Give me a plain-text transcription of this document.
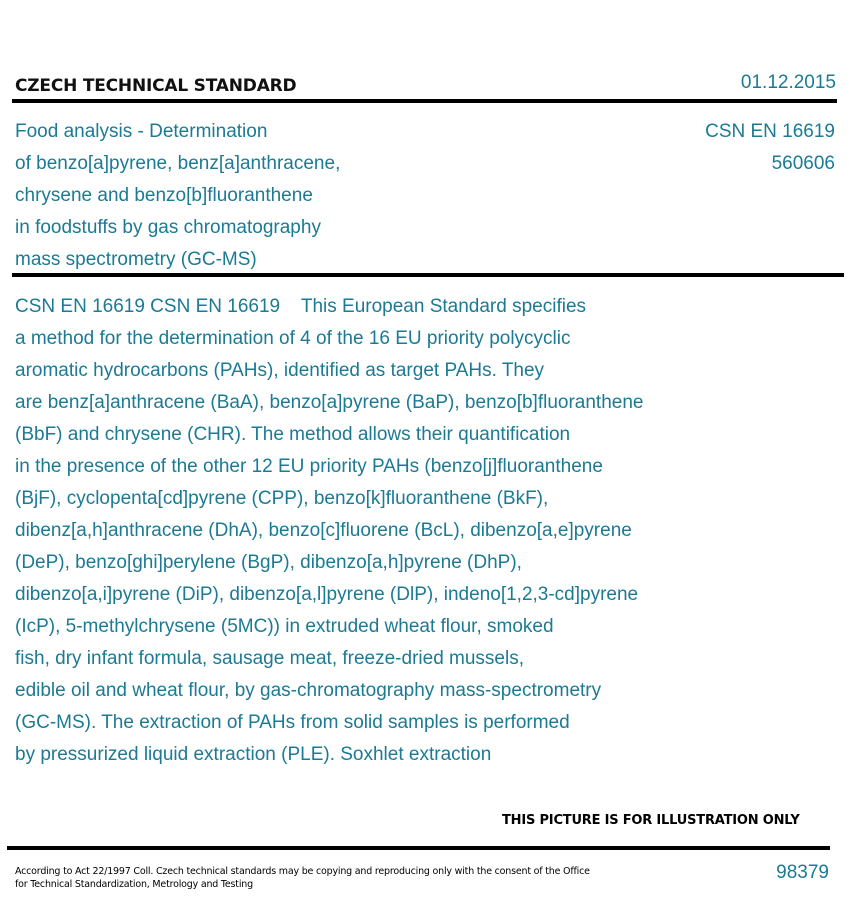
CZECH TECHNICAL STANDARD	01.12.2015
Food analysis - Determination
of benzo[a]pyrene, benz[a]anthracene,
chrysene and benzo[b]fluoranthene
in foodstuffs by gas chromatography
mass spectrometry (GC-MS)
CSN EN 16619
560606
CSN EN 16619 CSN EN 16619    This European Standard specifies
a method for the determination of 4 of the 16 EU priority polycyclic
aromatic hydrocarbons (PAHs), identified as target PAHs. They
are benz[a]anthracene (BaA), benzo[a]pyrene (BaP), benzo[b]fluoranthene
(BbF) and chrysene (CHR). The method allows their quantification
in the presence of the other 12 EU priority PAHs (benzo[j]fluoranthene
(BjF), cyclopenta[cd]pyrene (CPP), benzo[k]fluoranthene (BkF),
dibenz[a,h]anthracene (DhA), benzo[c]fluorene (BcL), dibenzo[a,e]pyrene
(DeP), benzo[ghi]perylene (BgP), dibenzo[a,h]pyrene (DhP),
dibenzo[a,i]pyrene (DiP), dibenzo[a,l]pyrene (DlP), indeno[1,2,3-cd]pyrene
(IcP), 5-methylchrysene (5MC)) in extruded wheat flour, smoked
fish, dry infant formula, sausage meat, freeze-dried mussels,
edible oil and wheat flour, by gas-chromatography mass-spectrometry
(GC-MS). The extraction of PAHs from solid samples is performed
by pressurized liquid extraction (PLE). Soxhlet extraction
THIS PICTURE IS FOR ILLUSTRATION ONLY
According to Act 22/1997 Coll. Czech technical standards may be copying and reproducing only with the consent of the Office
for Technical Standardization, Metrology and Testing
98379
